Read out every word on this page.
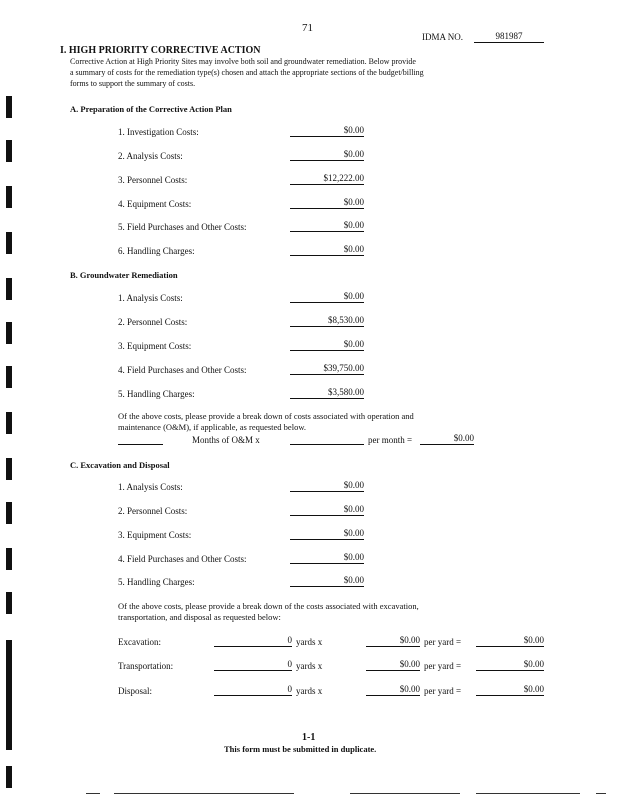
71
IDMA NO.	981987
I. HIGH PRIORITY CORRECTIVE ACTION
Corrective Action at High Priority Sites may involve both soil and groundwater remediation. Below provide
a summary of costs for the remediation type(s) chosen and attach the appropriate sections of the budget/billing
forms to support the summary of costs.
A. Preparation of the Corrective Action Plan
1. Investigation Costs:	$0.00
2. Analysis Costs:	$0.00
3. Personnel Costs:	$12,222.00
4. Equipment Costs:	$0.00
5. Field Purchases and Other Costs:	$0.00
6. Handling Charges:	$0.00
B. Groundwater Remediation
1. Analysis Costs:	$0.00
2. Personnel Costs:	$8,530.00
3. Equipment Costs:	$0.00
4. Field Purchases and Other Costs:	$39,750.00
5. Handling Charges:	$3,580.00
Of the above costs, please provide a break down of costs associated with operation and
maintenance (O&M), if applicable, as requested below.
Months of O&M x	per month =	$0.00
C. Excavation and Disposal
1. Analysis Costs:	$0.00
2. Personnel Costs:	$0.00
3. Equipment Costs:	$0.00
4. Field Purchases and Other Costs:	$0.00
5. Handling Charges:	$0.00
Of the above costs, please provide a break down of the costs associated with excavation,
transportation, and disposal as requested below:
Excavation:	0 yards x	$0.00 per yard =	$0.00
Transportation:	0 yards x	$0.00 per yard =	$0.00
Disposal:	0 yards x	$0.00 per yard =	$0.00
1-1
This form must be submitted in duplicate.
